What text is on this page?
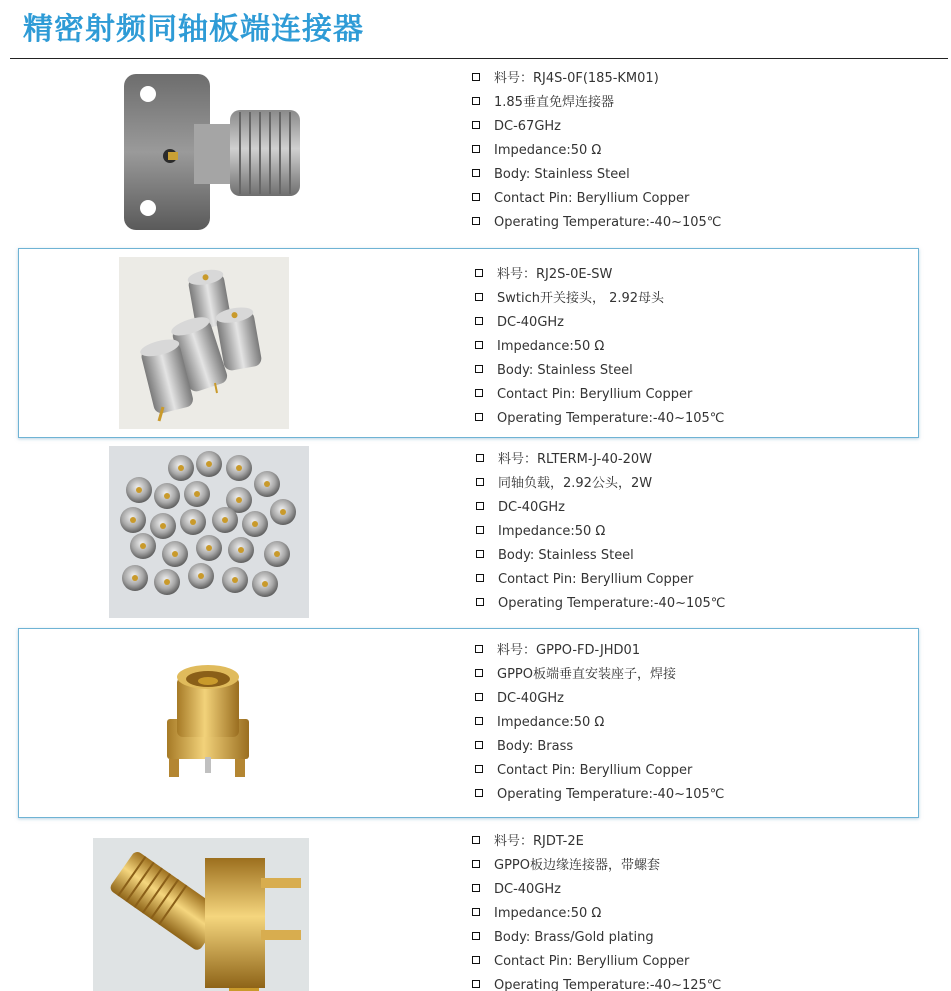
精密射频同轴板端连接器
料号：RJ4S-0F(185-KM01)
1.85垂直免焊连接器
DC-67GHz
Impedance:50 Ω
Body: Stainless Steel
Contact Pin: Beryllium Copper
Operating Temperature:-40~105℃
料号：RJ2S-0E-SW
Swtich开关接头， 2.92母头
DC-40GHz
Impedance:50 Ω
Body: Stainless Steel
Contact Pin: Beryllium Copper
Operating Temperature:-40~105℃
料号：RLTERM-J-40-20W
同轴负载，2.92公头，2W
DC-40GHz
Impedance:50 Ω
Body: Stainless Steel
Contact Pin: Beryllium Copper
Operating Temperature:-40~105℃
料号：GPPO-FD-JHD01
GPPO板端垂直安装座子，焊接
DC-40GHz
Impedance:50 Ω
Body: Brass
Contact Pin: Beryllium Copper
Operating Temperature:-40~105℃
料号：RJDT-2E
GPPO板边缘连接器，带螺套
DC-40GHz
Impedance:50 Ω
Body: Brass/Gold plating
Contact Pin: Beryllium Copper
Operating Temperature:-40~125℃
